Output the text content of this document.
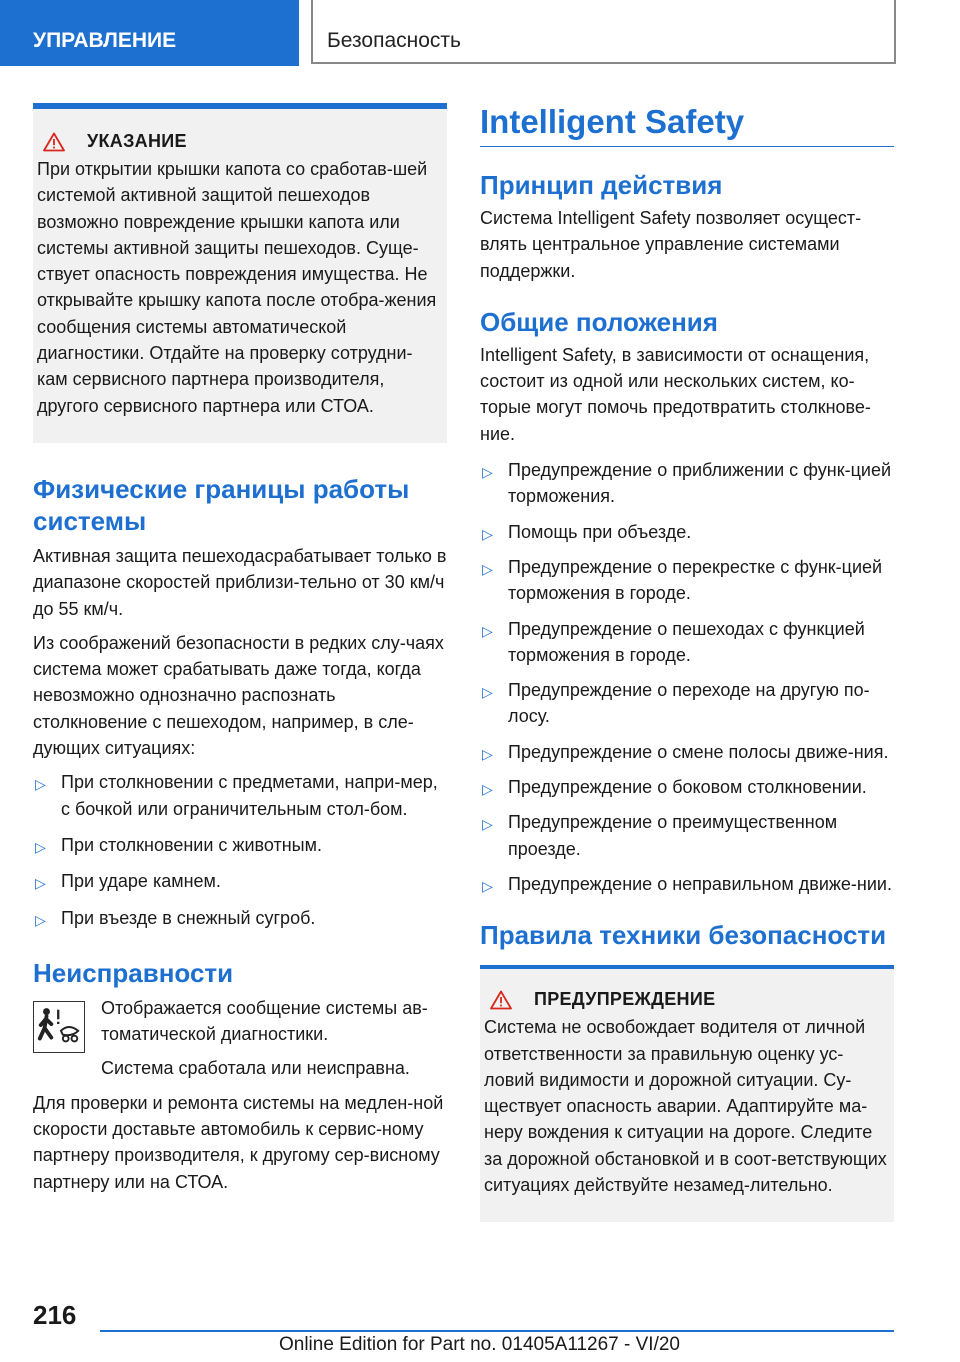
УПРАВЛЕНИЕ	Безопасность
УКАЗАНИЕ
При открытии крышки капота со сработав-шей системой активной защитой пешеходов возможно повреждение крышки капота или системы активной защиты пешеходов. Суще-ствует опасность повреждения имущества. Не открывайте крышку капота после отобра-жения сообщения системы автоматической диагностики. Отдайте на проверку сотрудни-кам сервисного партнера производителя, другого сервисного партнера или СТОА.
Физические границы работы системы

Активная защита пешеходасрабатывает только в диапазоне скоростей приблизи-тельно от 30 км/ч до 55 км/ч.

Из соображений безопасности в редких слу-чаях система может срабатывать даже тогда, когда невозможно однозначно распознать столкновение с пешеходом, например, в сле-дующих ситуациях:

▷ При столкновении с предметами, напри-мер, с бочкой или ограничительным стол-бом.
▷ При столкновении с животным.
▷ При ударе камнем.
▷ При въезде в снежный сугроб.
Неисправности

Отображается сообщение системы ав-томатической диагностики.

Система сработала или неисправна.

Для проверки и ремонта системы на медлен-ной скорости доставьте автомобиль к сервис-ному партнеру производителя, к другому сер-висному партнеру или на СТОА.

Intelligent Safety
Принцип действия

Система Intelligent Safety позволяет осущест-влять центральное управление системами поддержки.

Общие положения

Intelligent Safety, в зависимости от оснащения, состоит из одной или нескольких систем, ко-торые могут помочь предотвратить столкнове-ние.

▷ Предупреждение о приближении с функ-цией торможения.
▷ Помощь при объезде.
▷ Предупреждение о перекрестке с функ-цией торможения в городе.
▷ Предупреждение о пешеходах с функцией торможения в городе.
▷ Предупреждение о переходе на другую по-лосу.
▷ Предупреждение о смене полосы движе-ния.
▷ Предупреждение о боковом столкновении.
▷ Предупреждение о преимущественном проезде.
▷ Предупреждение о неправильном движе-нии.
Правила техники безопасности
ПРЕДУПРЕЖДЕНИЕ
Система не освобождает водителя от личной ответственности за правильную оценку ус-ловий видимости и дорожной ситуации. Су-ществует опасность аварии. Адаптируйте ма-неру вождения к ситуации на дороге. Следите за дорожной обстановкой и в соот-ветствующих ситуациях действуйте незамед-лительно.
216
Online Edition for Part no. 01405A11267 - VI/20
